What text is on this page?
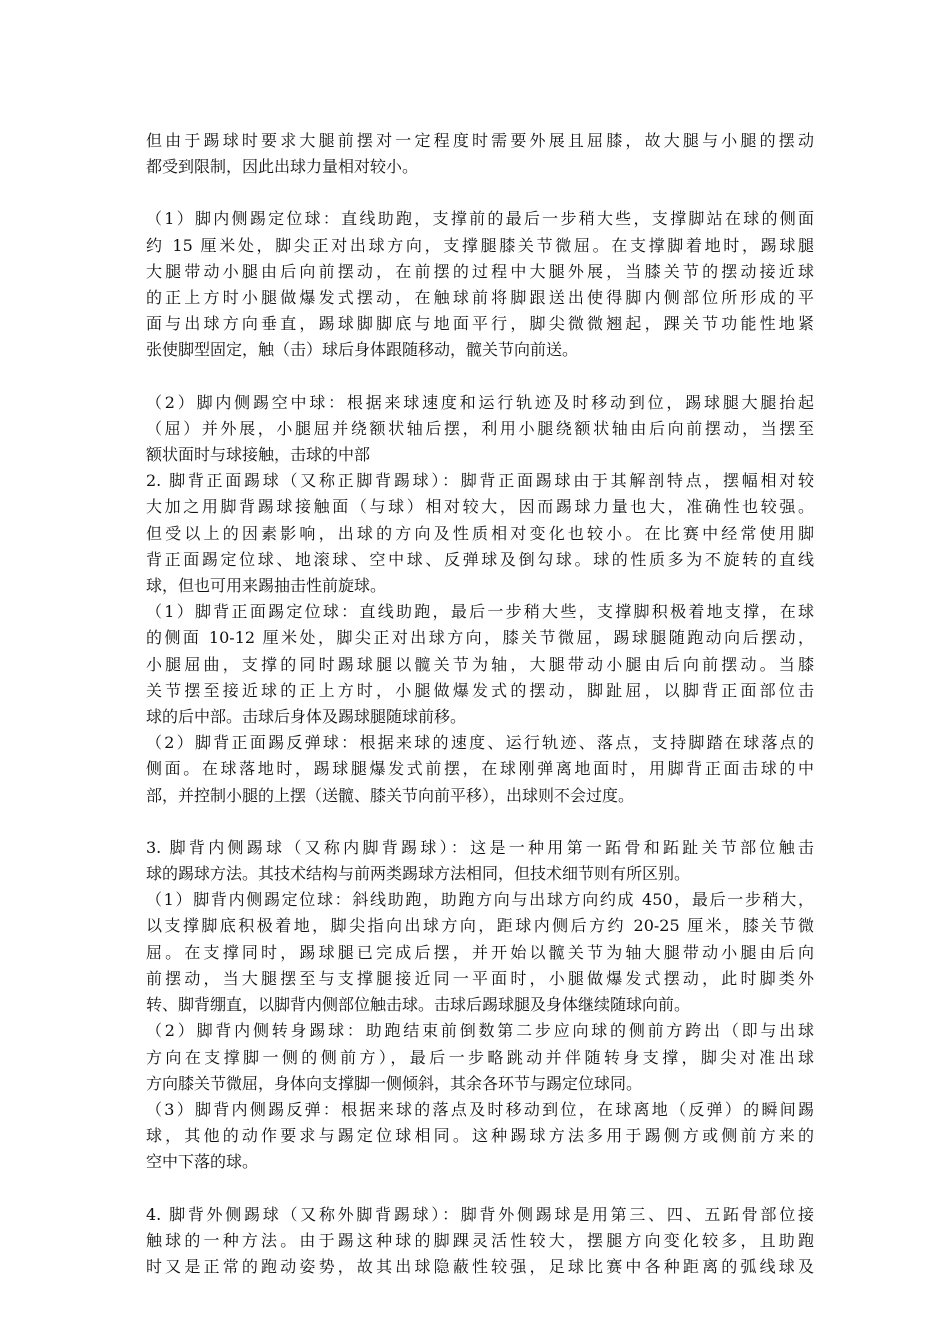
但由于踢球时要求大腿前摆对一定程度时需要外展且屈膝，故大腿与小腿的摆动
都受到限制，因此出球力量相对较小。

（1）脚内侧踢定位球：直线助跑，支撑前的最后一步稍大些，支撑脚站在球的侧面
约 15 厘米处，脚尖正对出球方向，支撑腿膝关节微屈。在支撑脚着地时，踢球腿
大腿带动小腿由后向前摆动，在前摆的过程中大腿外展，当膝关节的摆动接近球
的正上方时小腿做爆发式摆动，在触球前将脚跟送出使得脚内侧部位所形成的平
面与出球方向垂直，踢球脚脚底与地面平行，脚尖微微翘起，踝关节功能性地紧
张使脚型固定，触（击）球后身体跟随移动，髋关节向前送。

（2）脚内侧踢空中球：根据来球速度和运行轨迹及时移动到位，踢球腿大腿抬起
（屈）并外展，小腿屈并绕额状轴后摆，利用小腿绕额状轴由后向前摆动，当摆至
额状面时与球接触，击球的中部

2. 脚背正面踢球（又称正脚背踢球）：脚背正面踢球由于其解剖特点，摆幅相对较
大加之用脚背踢球接触面（与球）相对较大，因而踢球力量也大，准确性也较强。
但受以上的因素影响，出球的方向及性质相对变化也较小。在比赛中经常使用脚
背正面踢定位球、地滚球、空中球、反弹球及倒勾球。球的性质多为不旋转的直线
球，但也可用来踢抽击性前旋球。

（1）脚背正面踢定位球：直线助跑，最后一步稍大些，支撑脚积极着地支撑，在球
的侧面 10-12 厘米处，脚尖正对出球方向，膝关节微屈，踢球腿随跑动向后摆动，
小腿屈曲，支撑的同时踢球腿以髋关节为轴，大腿带动小腿由后向前摆动。当膝
关节摆至接近球的正上方时，小腿做爆发式的摆动，脚趾屈，以脚背正面部位击
球的后中部。击球后身体及踢球腿随球前移。

（2）脚背正面踢反弹球：根据来球的速度、运行轨迹、落点，支持脚踏在球落点的
侧面。在球落地时，踢球腿爆发式前摆，在球刚弹离地面时，用脚背正面击球的中
部，并控制小腿的上摆（送髋、膝关节向前平移），出球则不会过度。

3. 脚背内侧踢球（又称内脚背踢球）：这是一种用第一跖骨和跖趾关节部位触击
球的踢球方法。其技术结构与前两类踢球方法相同，但技术细节则有所区别。

（1）脚背内侧踢定位球：斜线助跑，助跑方向与出球方向约成 450，最后一步稍大，
以支撑脚底积极着地，脚尖指向出球方向，距球内侧后方约 20-25 厘米，膝关节微
屈。在支撑同时，踢球腿已完成后摆，并开始以髋关节为轴大腿带动小腿由后向
前摆动，当大腿摆至与支撑腿接近同一平面时，小腿做爆发式摆动，此时脚类外
转、脚背绷直，以脚背内侧部位触击球。击球后踢球腿及身体继续随球向前。

（2）脚背内侧转身踢球：助跑结束前倒数第二步应向球的侧前方跨出（即与出球
方向在支撑脚一侧的侧前方），最后一步略跳动并伴随转身支撑，脚尖对准出球
方向膝关节微屈，身体向支撑脚一侧倾斜，其余各环节与踢定位球同。

（3）脚背内侧踢反弹：根据来球的落点及时移动到位，在球离地（反弹）的瞬间踢
球，其他的动作要求与踢定位球相同。这种踢球方法多用于踢侧方或侧前方来的
空中下落的球。

4. 脚背外侧踢球（又称外脚背踢球）：脚背外侧踢球是用第三、四、五跖骨部位接
触球的一种方法。由于踢这种球的脚踝灵活性较大，摆腿方向变化较多，且助跑
时又是正常的跑动姿势，故其出球隐蔽性较强，足球比赛中各种距离的弧线球及
